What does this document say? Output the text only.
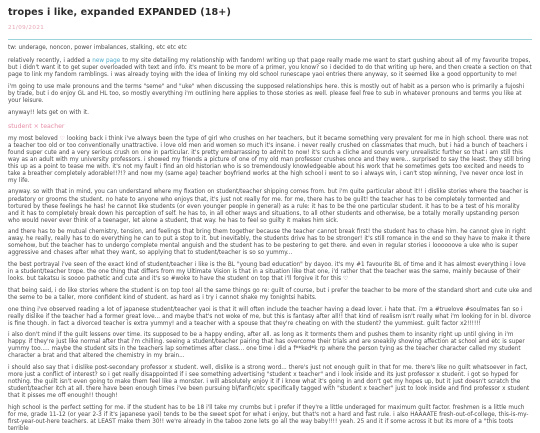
tropes i like, expanded EXPANDED (18+)
21/09/2021

tw: underage, noncon, power imbalances, stalking, etc etc etc

relatively recently, i added a new page to my site detailing my relationship with fandom! writing up that page really made me want to start gushing about all of my favourite tropes, but i didn't want it to get super overloaded with text and info. it's meant to be more of a primer, you know? so i decided to do that writing up here, and then create a section on that page to link my fandom ramblings. i was already toying with the idea of linking my old school runescape yaoi entries there anyway, so it seemed like a good opportunity to me!

i'm going to use male pronouns and the terms "seme" and "uke" when discussing the supposed relationships here. this is mostly out of habit as a person who is primarily a fujoshi by trade, but i do enjoy GL and HL too, so mostly everything i'm outlining here applies to those stories as well. please feel free to sub in whatever pronouns and terms you like at your leisure.

anyway!! lets get on with it.

student × teacher

my most beloved ♡ looking back i think i've always been the type of girl who crushes on her teachers, but it became something very prevalent for me in high school. there was not a teacher too old or too conventionally unattractive. i love old men and women so much it's insane. i never really crushed on classmates that much, but i had a bunch of teachers i found super cute and a very serious crush on one in particular. it's pretty embarrassing to admit to now! it's such a cliche and sounds very unrealistic further so that i am still this way as an adult with my university professors. i showed my friends a picture of one of my old man professor crushes once and they were... surprised to say the least. they still bring this up as a point to tease me with. it's not my fault i find an old historian who is so tremendously knowledgeable about his work that he sometimes gets too excited and needs to take a breather completely adorable!!?!? and now my (same age) teacher boyfriend works at the high school i went to so i always win, i can't stop winning, i've never once lost in my life.

anyway. so with that in mind, you can understand where my fixation on student/teacher shipping comes from. but i'm quite particular about it!! i dislike stories where the teacher is predatory or grooms the student. no hate to anyone who enjoys that, it's just not really for me. for me, there has to be guilt! the teacher has to be completely tormented and tortured by these feelings he has! he cannot like students (or even younger people in general) as a rule: it has to be the one particular student. it has to be a test of his morality and it has to completely break down his perception of self. he has to, in all other ways and situations, to all other students and otherwise, be a totally morally upstanding person who would never ever think of a teenager, let alone a student, that way. he has to feel so guilty it makes him sick.

and there has to be mutual chemistry, tension, and feelings that bring them together because the teacher cannot break first! the student has to chase him. he cannot give in right away. he really, really has to do everything he can to put a stop to it. but inevitably, the students drive has to be stronger! it's still romance in the end so they have to make it there somehow, but the teacher has to undergo complete mental anguish and the student has to be pestering to get there. and even in regular stories i loooooove a uke who is super aggressive and chases after what they want, so applying that to student/teacher is so so yummy...

the best portrayal i've seen of the exact kind of student/teacher i like is the BL "young bad education" by dayoo. it's my #1 favourite BL of time and it has almost everything i love in a student/teacher trope. the one thing that differs from my Ultimate Vision is that in a situation like that one, i'd rather that the teacher was the same, mainly because of their looks. but takatsu is soooo pathetic and cute and it's so #woke to have the student on top that i'll forgive it for this ♡

that being said, i do like stories where the student is on top too! all the same things go re: guilt of course, but i prefer the teacher to be more of the standard short and cute uke and the seme to be a taller, more confident kind of student. as hard as i try i cannot shake my tonightsi habits.

one thing i've observed reading a lot of japanese student/teacher yaoi is that it will often include the teacher having a dead lover. i hate that. i'm a #truelove #soulmates fan so i really dislike if the teacher had a former great love... and maybe that's not woke of me, but this is fantasy after all!! that kind of realism isn't really what i'm looking for in bl. divorce is fine though. in fact a divorced teacher is extra yummy! and a teacher with a spouse that they're cheating on with the student? the yummiest. guilt factor x2!!!!!!

i also don't mind if the guilt lessens over time. its supposed to be a happy ending, after all. as long as it torments them and pushes them to insanity right up until giving in i'm happy. if they're just like normal after that i'm chilling. seeing a student/teacher pairing that has overcome their trials and are sneakily showing affection at school and etc is super yummy too..... maybe the student sits in the teachers lap sometimes after class... one time i did a f**ked*k rp where the person tying as the teacher character called my student character a brat and that altered the chemistry in my brain...

i should also say that i dislike post-secondary professor x student. well, dislike is a strong word... there's just not enough guilt in that for me. there's like no guilt whatsoever in fact, more just a conflict of interest? so i get really disappointed if i see something advertising "student x teacher" and i look inside and its just professor x student. i got so hyped for nothing. the guilt isn't even going to make them feel like a monster. i will absolutely enjoy it if i know what it's going in and don't get my hopes up, but it just doesn't scratch the student/teacher itch at all. there have been enough times i've been pursuing bl/fanfic/etc specifically tagged with "student x teacher" just to look inside and find professor x student that it pisses me off enough!! though!

high school is the perfect setting for me. if the student has to be 18 i'll take my crumbs but i prefer if they're a little underaged for maximum guilt factor. freshmen is a little much for me, grade 11-12 (or year 2-3 if it's japanese yaoi) tends to be the sweet spot for what i enjoy, but that's not a hard and fast rule. i also HAAAATE fresh-out-of-college, this-is-my-first-year-out-here teachers. at LEAST make them 30!! we're already in the taboo zone lets go all the way baby!!!! yeah. 25 and it if some across it but its more of a "this toots terrible
